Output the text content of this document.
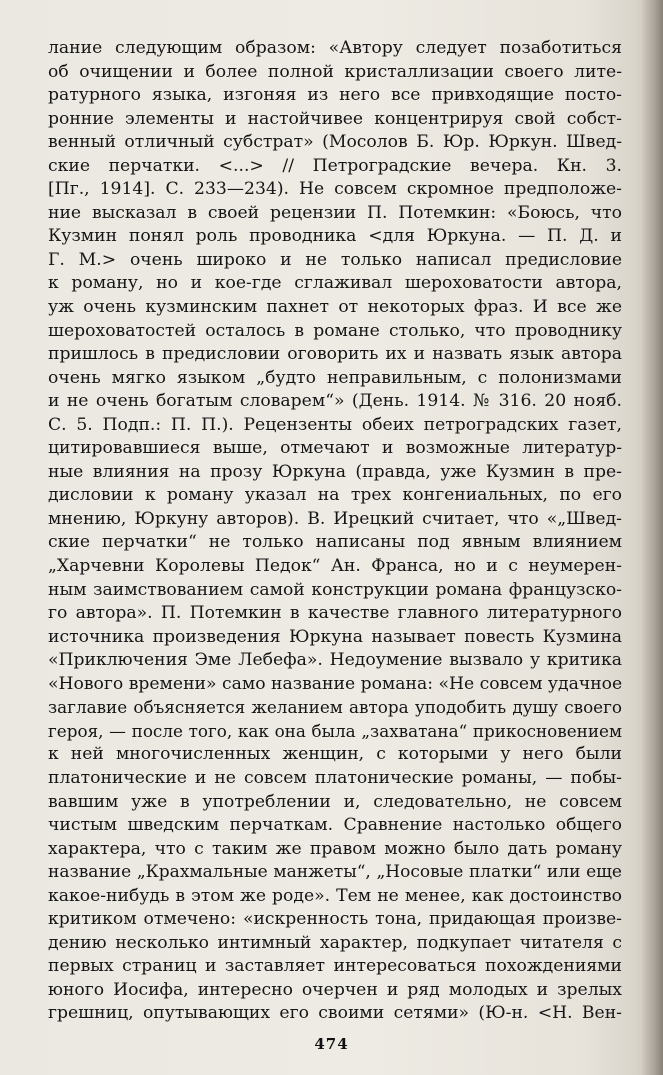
лание следующим образом: «Автору следует позаботиться
об очищении и более полной кристаллизации своего лите-
ратурного языка, изгоняя из него все привходящие посто-
ронние элементы и настойчивее концентрируя свой собст-
венный отличный субстрат» (Мосолов Б. Юр. Юркун. Швед-
ские перчатки. <...> // Петроградские вечера. Кн. 3.
[Пг., 1914]. С. 233—234). Не совсем скромное предположе-
ние высказал в своей рецензии П. Потемкин: «Боюсь, что
Кузмин понял роль проводника <для Юркуна. — П. Д. и
Г. М.> очень широко и не только написал предисловие
к роману, но и кое-где сглаживал шероховатости автора,
уж очень кузминским пахнет от некоторых фраз. И все же
шероховатостей осталось в романе столько, что проводнику
пришлось в предисловии оговорить их и назвать язык автора
очень мягко языком „будто неправильным, с полонизмами
и не очень богатым словарем“» (День. 1914. № 316. 20 нояб.
С. 5. Подп.: П. П.). Рецензенты обеих петроградских газет,
цитировавшиеся выше, отмечают и возможные литератур-
ные влияния на прозу Юркуна (правда, уже Кузмин в пре-
дисловии к роману указал на трех конгениальных, по его
мнению, Юркуну авторов). В. Ирецкий считает, что «„Швед-
ские перчатки“ не только написаны под явным влиянием
„Харчевни Королевы Педок“ Ан. Франса, но и с неумерен-
ным заимствованием самой конструкции романа французско-
го автора». П. Потемкин в качестве главного литературного
источника произведения Юркуна называет повесть Кузмина
«Приключения Эме Лебефа». Недоумение вызвало у критика
«Нового времени» само название романа: «Не совсем удачное
заглавие объясняется желанием автора уподобить душу своего
героя, — после того, как она была „захватана“ прикосновением
к ней многочисленных женщин, с которыми у него были
платонические и не совсем платонические романы, — побы-
вавшим уже в употреблении и, следовательно, не совсем
чистым шведским перчаткам. Сравнение настолько общего
характера, что с таким же правом можно было дать роману
название „Крахмальные манжеты“, „Носовые платки“ или еще
какое-нибудь в этом же роде». Тем не менее, как достоинство
критиком отмечено: «искренность тона, придающая произве-
дению несколько интимный характер, подкупает читателя с
первых страниц и заставляет интересоваться похождениями
юного Иосифа, интересно очерчен и ряд молодых и зрелых
грешниц, опутывающих его своими сетями» (Ю-н. <Н. Вен-
474
